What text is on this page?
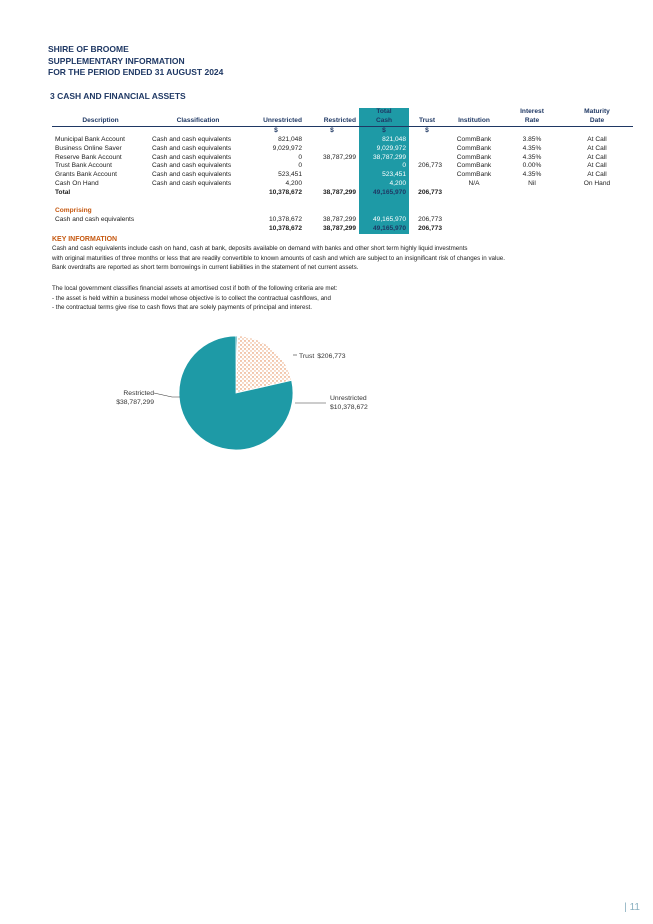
SHIRE OF BROOME
SUPPLEMENTARY INFORMATION
FOR THE PERIOD ENDED 31 AUGUST 2024
3 CASH AND FINANCIAL ASSETS
				Total			Interest	Maturity
Description	Classification	Unrestricted	Restricted	Cash	Trust	Institution	Rate	Date
		$	$	$	$			
Municipal Bank Account	Cash and cash equivalents	821,048		821,048		CommBank	3.85%	At Call
Business Online Saver	Cash and cash equivalents	9,029,972		9,029,972		CommBank	4.35%	At Call
Reserve Bank Account	Cash and cash equivalents	0	38,787,299	38,787,299		CommBank	4.35%	At Call
Trust Bank Account	Cash and cash equivalents	0		0	206,773	CommBank	0.00%	At Call
Grants Bank Account	Cash and cash equivalents	523,451		523,451		CommBank	4.35%	At Call
Cash On Hand	Cash and cash equivalents	4,200		4,200		N/A	Nil	On Hand
Total		10,378,672	38,787,299	49,165,970	206,773			

Comprising								
Cash and cash equivalents		10,378,672	38,787,299	49,165,970	206,773			
		10,378,672	38,787,299	49,165,970	206,773			
KEY INFORMATION
Cash and cash equivalents include cash on hand, cash at bank, deposits available on demand with banks and other short term highly liquid investments
with original maturities of three months or less that are readily convertible to known amounts of cash and which are subject to an insignificant risk of changes in value.
Bank overdrafts are reported as short term borrowings in current liabilities in the statement of net current assets.
The local government classifies financial assets at amortised cost if both of the following criteria are met:
- the asset is held within a business model whose objective is to collect the contractual cashflows, and
- the contractual terms give rise to cash flows that are solely payments of principal and interest.
Trust $206,773
Restricted
$38,787,299
Unrestricted
$10,378,672
| 11
